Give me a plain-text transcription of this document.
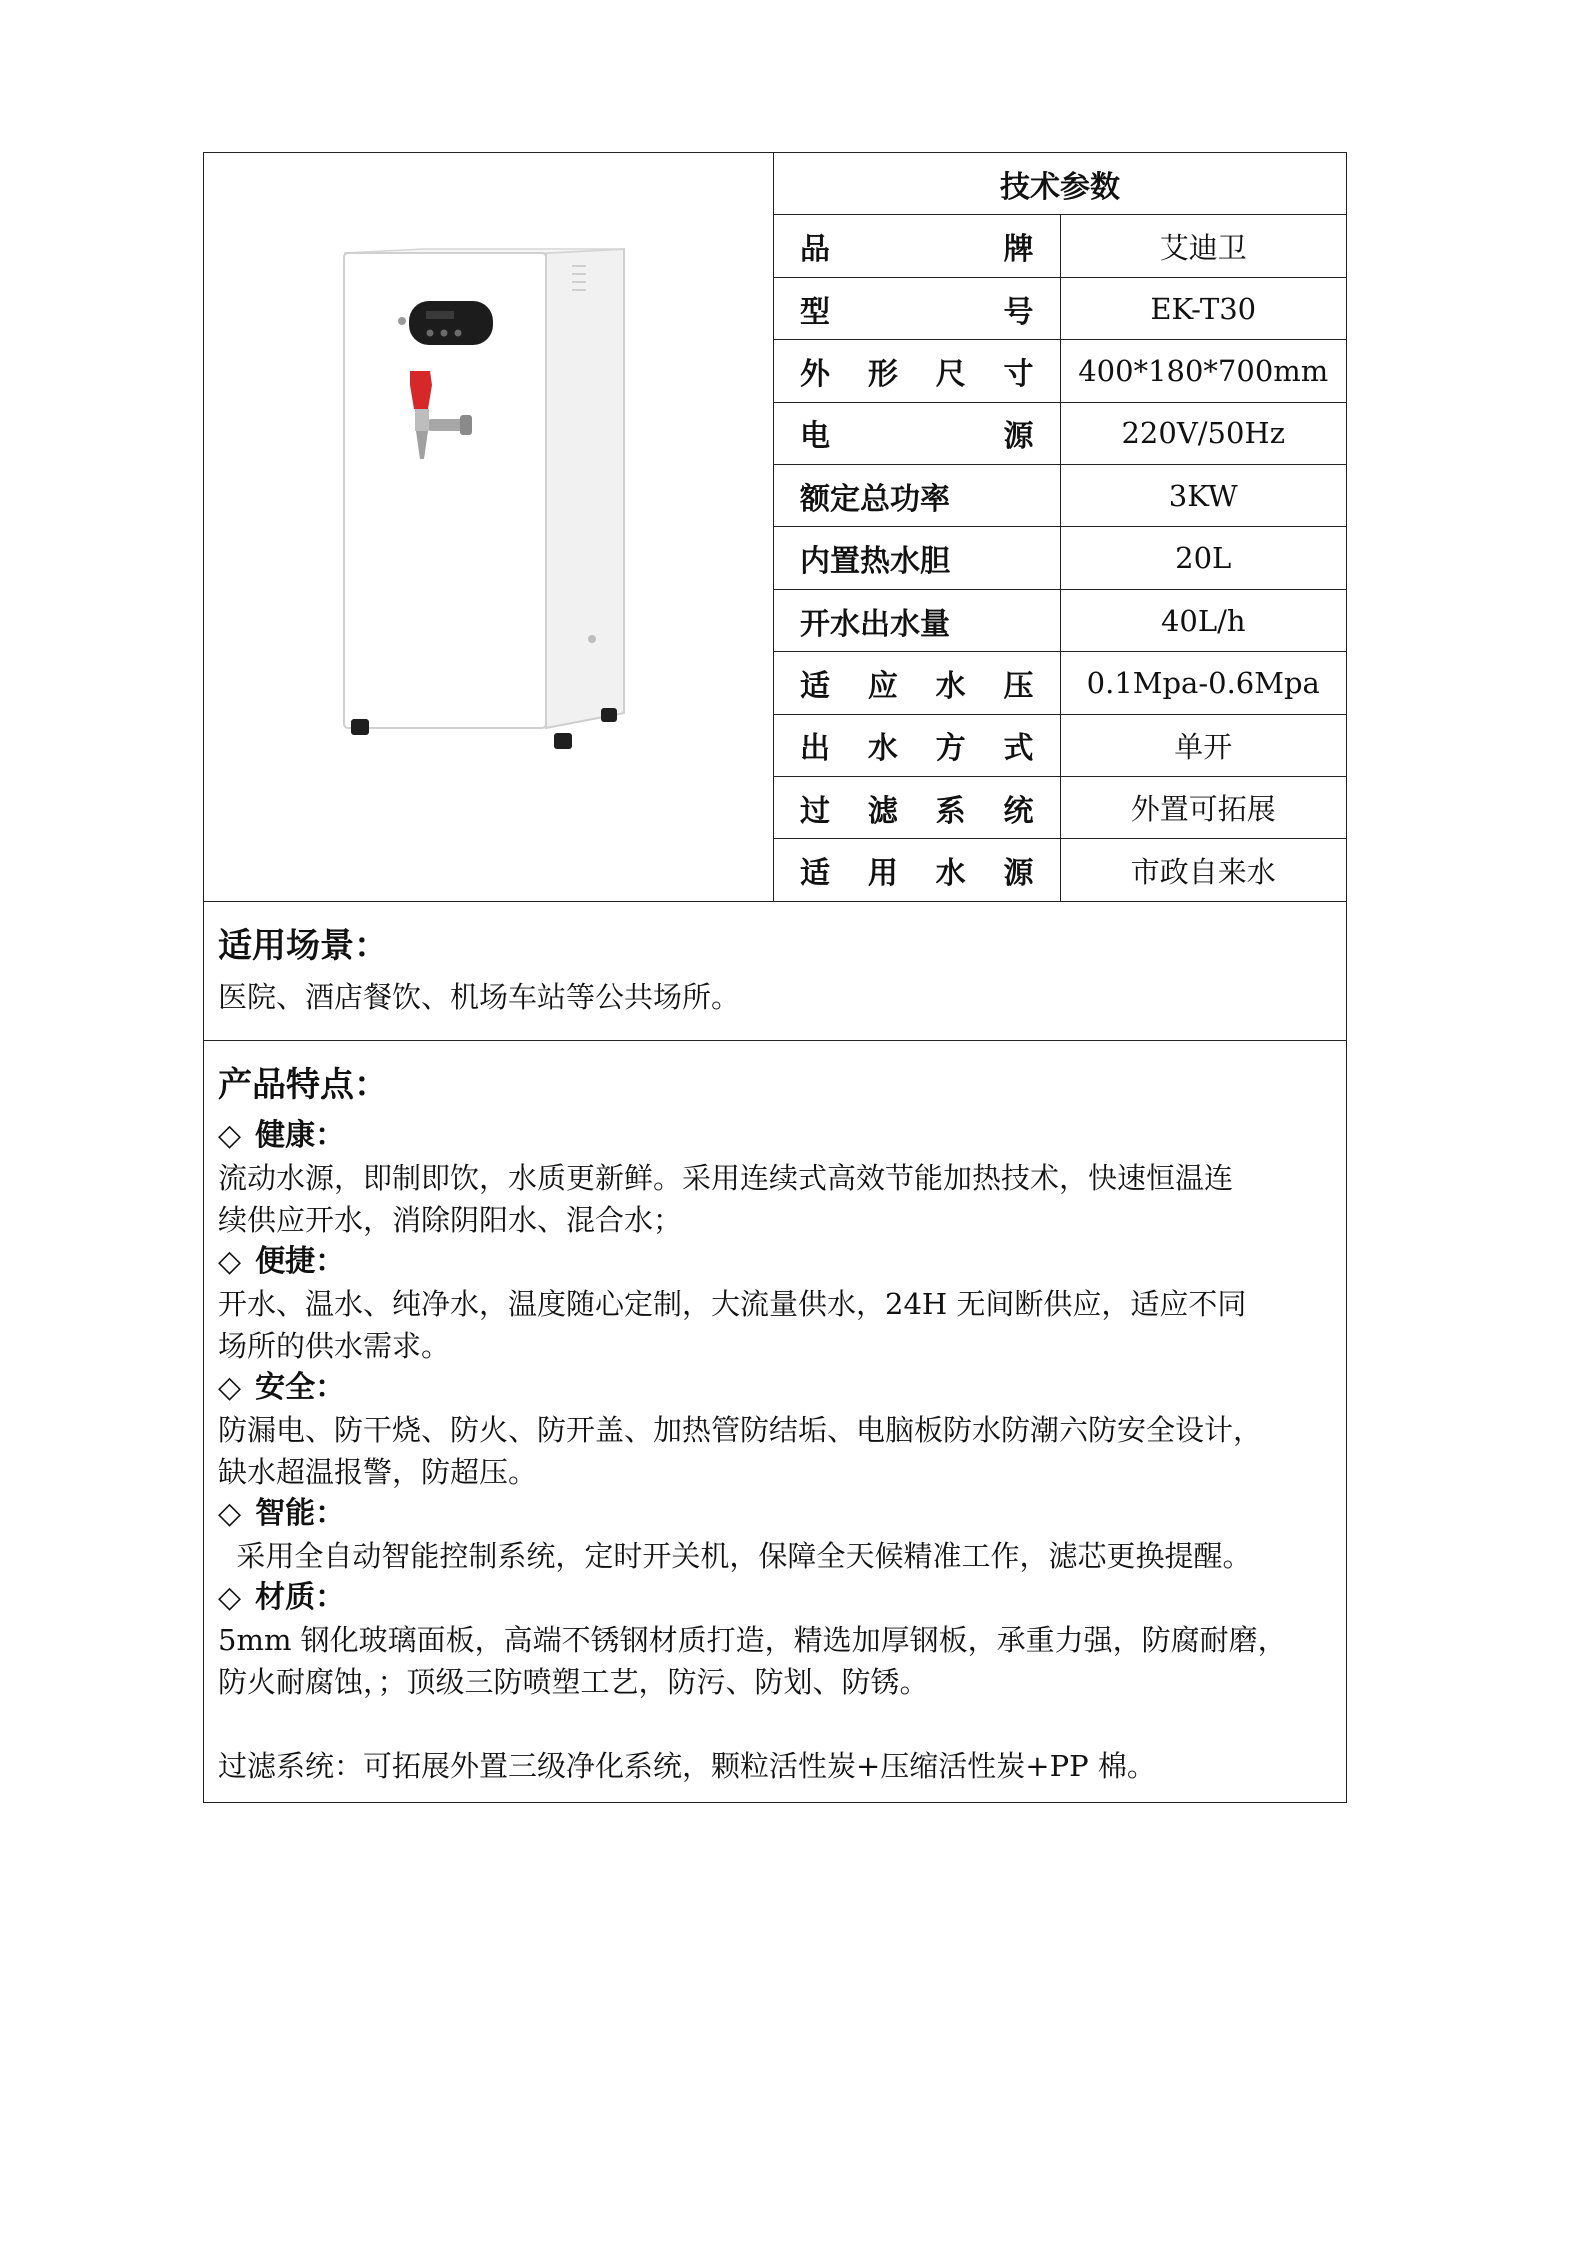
	技术参数	

	品 牌	艾迪卫

	型 号	EK-T30

	外 形 尺 寸	400*180*700mm

	电 源	220V/50Hz

	额定总功率	3KW

	内置热水胆	20L

	开水出水量	40L/h

	适 应 水 压	0.1Mpa-0.6Mpa

	出 水 方 式	单开

	过 滤 系 统	外置可拓展

	适 用 水 源	市政自来水
适用场景：
医院、酒店餐饮、机场车站等公共场所。
产品特点：
◇ 健康：
流动水源，即制即饮，水质更新鲜。采用连续式高效节能加热技术，快速恒温连
续供应开水，消除阴阳水、混合水；
◇ 便捷：
开水、温水、纯净水，温度随心定制，大流量供水，24H 无间断供应，适应不同
场所的供水需求。
◇ 安全：
防漏电、防干烧、防火、防开盖、加热管防结垢、电脑板防水防潮六防安全设计，
缺水超温报警，防超压。
◇ 智能：
采用全自动智能控制系统，定时开关机，保障全天候精准工作，滤芯更换提醒。
◇ 材质：
5mm 钢化玻璃面板，高端不锈钢材质打造，精选加厚钢板，承重力强，防腐耐磨，
防火耐腐蚀，；顶级三防喷塑工艺，防污、防划、防锈。
过滤系统：可拓展外置三级净化系统，颗粒活性炭+压缩活性炭+PP 棉。
